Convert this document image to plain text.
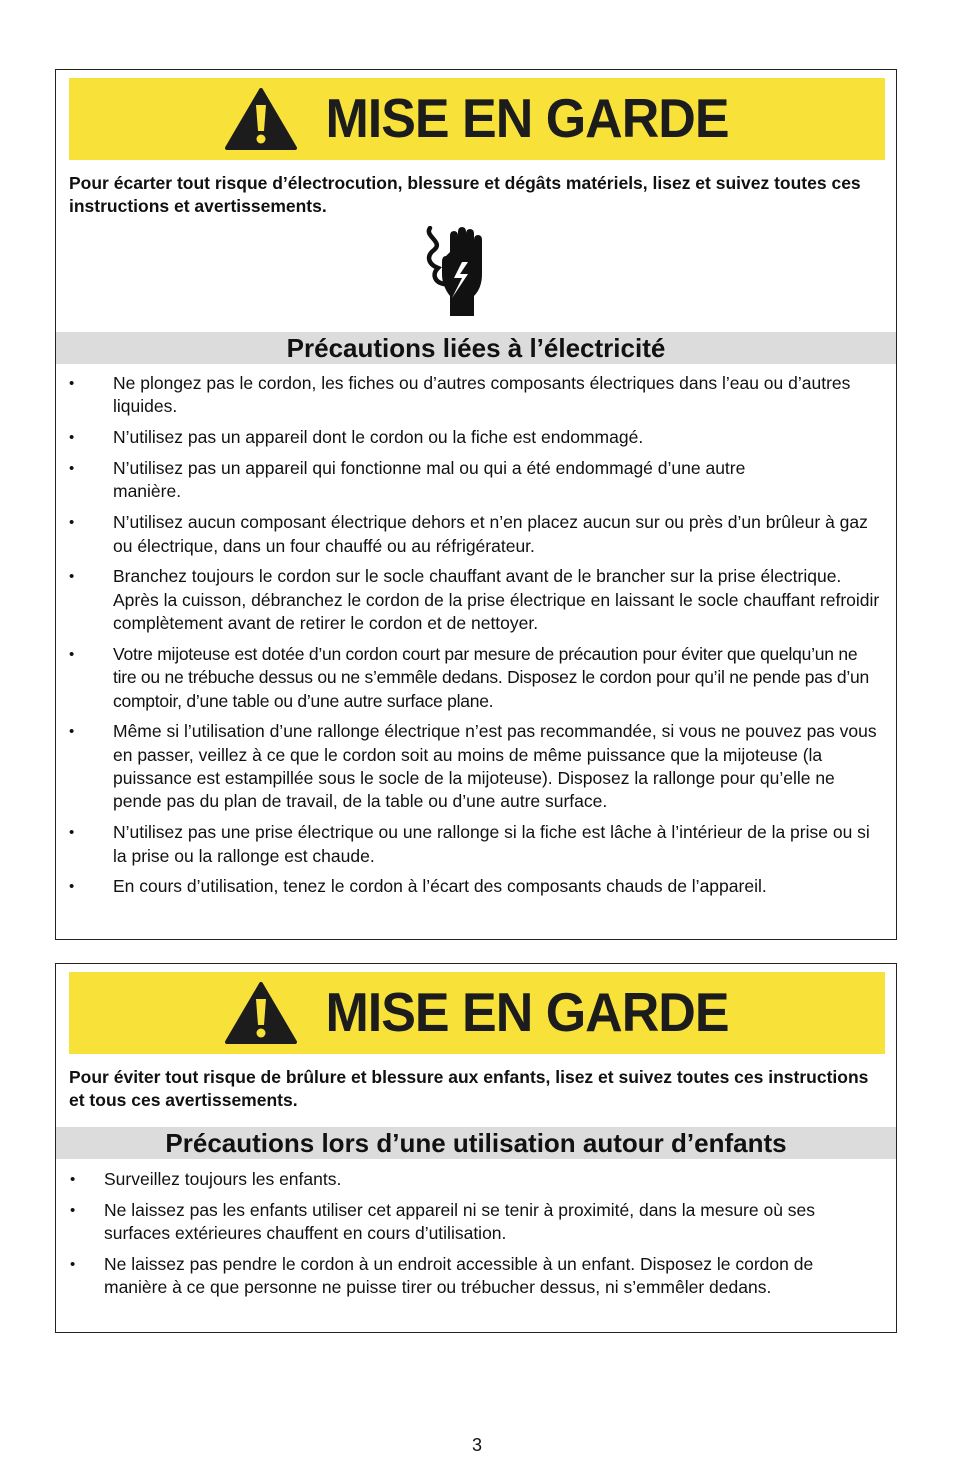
MISE EN GARDE

Pour écarter tout risque d’électrocution, blessure et dégâts matériels, lisez et suivez toutes ces instructions et avertissements.

Précautions liées à l’électricité
• Ne plongez pas le cordon, les fiches ou d’autres composants électriques dans l’eau ou d’autres liquides.
• N’utilisez pas un appareil dont le cordon ou la fiche est endommagé.
• N’utilisez pas un appareil qui fonctionne mal ou qui a été endommagé d’une autre manière.
• N’utilisez aucun composant électrique dehors et n’en placez aucun sur ou près d’un brûleur à gaz ou électrique, dans un four chauffé ou au réfrigérateur.
• Branchez toujours le cordon sur le socle chauffant avant de le brancher sur la prise électrique. Après la cuisson, débranchez le cordon de la prise électrique en laissant le socle chauffant refroidir complètement avant de retirer le cordon et de nettoyer.
• Votre mijoteuse est dotée d’un cordon court par mesure de précaution pour éviter que quelqu’un ne tire ou ne trébuche dessus ou ne s’emmêle dedans. Disposez le cordon pour qu’il ne pende pas d’un comptoir, d’une table ou d’une autre surface plane.
• Même si l’utilisation d’une rallonge électrique n’est pas recommandée, si vous ne pouvez pas vous en passer, veillez à ce que le cordon soit au moins de même puissance que la mijoteuse (la puissance est estampillée sous le socle de la mijoteuse). Disposez la rallonge pour qu’elle ne pende pas du plan de travail, de la table ou d’une autre surface.
• N’utilisez pas une prise électrique ou une rallonge si la fiche est lâche à l’intérieur de la prise ou si la prise ou la rallonge est chaude.
• En cours d’utilisation, tenez le cordon à l’écart des composants chauds de l’appareil.
MISE EN GARDE

Pour éviter tout risque de brûlure et blessure aux enfants, lisez et suivez toutes ces instructions et tous ces avertissements.

Précautions lors d’une utilisation autour d’enfants
• Surveillez toujours les enfants.
• Ne laissez pas les enfants utiliser cet appareil ni se tenir à proximité, dans la mesure où ses surfaces extérieures chauffent en cours d’utilisation.
• Ne laissez pas pendre le cordon à un endroit accessible à un enfant. Disposez le cordon de manière à ce que personne ne puisse tirer ou trébucher dessus, ni s’emmêler dedans.
3
